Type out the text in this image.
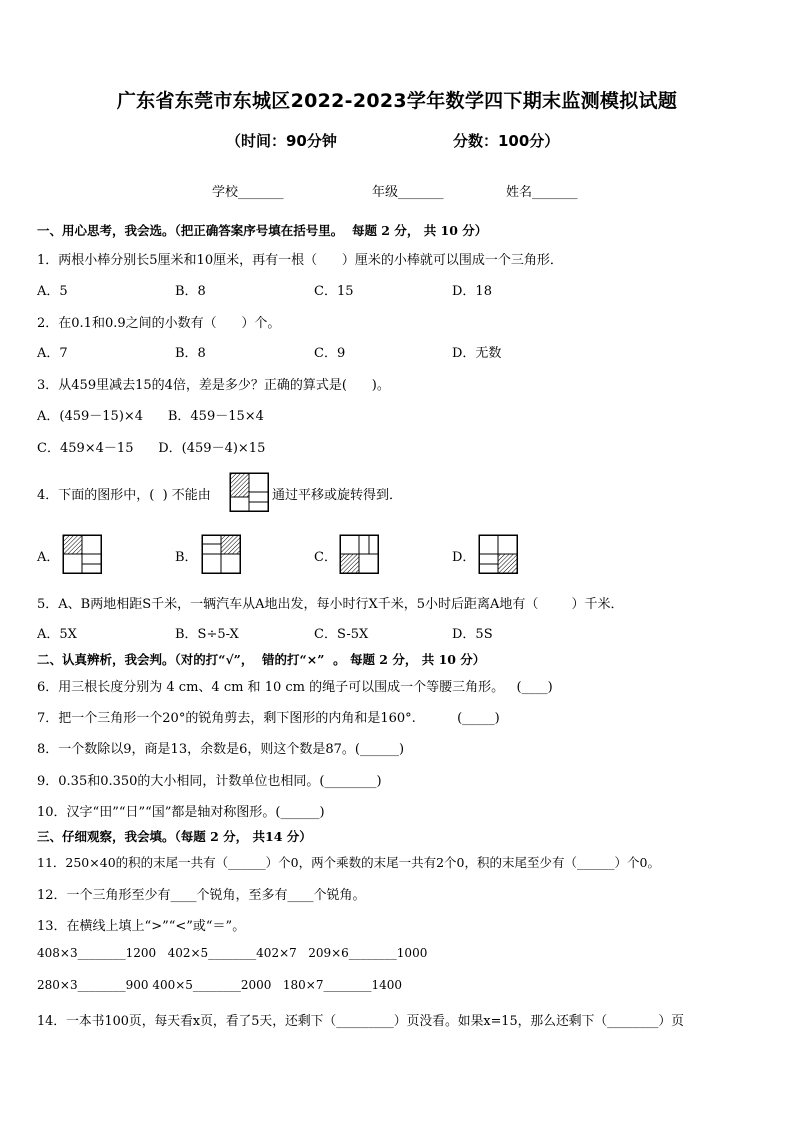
广东省东莞市东城区2022-2023学年数学四下期末监测模拟试题
（时间：90分钟	分数：100分）
学校_______	年级_______	姓名_______
一、用心思考，我会选。（把正确答案序号填在括号里。  每题 2 分， 共 10 分）
1．两根小棒分别长5厘米和10厘米，再有一根（      ）厘米的小棒就可以围成一个三角形．
A．5	B．8	C．15	D．18
2．在0.1和0.9之间的小数有（      ）个。
A．7	B．8	C．9	D．无数
3．从459里减去15的4倍，差是多少？正确的算式是(      )。
A．(459－15)×4      B．459－15×4
C．459×4－15      D．(459－4)×15
4．下面的图形中，(  ) 不能由	通过平移或旋转得到．
A．	B．	C．	D．
5．A、B两地相距S千米，一辆汽车从A地出发，每小时行X千米，5小时后距离A地有（        ）千米．
A．5X	B．S÷5-X	C．S-5X	D．5S
二、认真辨析，我会判。（对的打“√”，  错的打“×”  。 每题 2 分， 共 10 分）
6．用三根长度分别为 4 cm、4 cm 和 10 cm 的绳子可以围成一个等腰三角形。   (____)
7．把一个三角形一个20°的锐角剪去，剩下图形的内角和是160°.          (_____)
8．一个数除以9，商是13，余数是6，则这个数是87。(______)
9．0.35和0.350的大小相同，计数单位也相同。(________)
10．汉字“田”“日”“国”都是轴对称图形。(______)
三、仔细观察，我会填。（每题 2 分， 共14 分）
11．250×40的积的末尾一共有（______）个0，两个乘数的末尾一共有2个0，积的末尾至少有（______）个0。
12．一个三角形至少有____个锐角，至多有____个锐角。
13．在横线上填上“>”“<”或“＝”。
408×3________1200   402×5________402×7   209×6________1000
280×3________900 400×5________2000   180×7________1400
14．一本书100页，每天看x页，看了5天，还剩下（_________）页没看。如果x=15，那么还剩下（________）页
